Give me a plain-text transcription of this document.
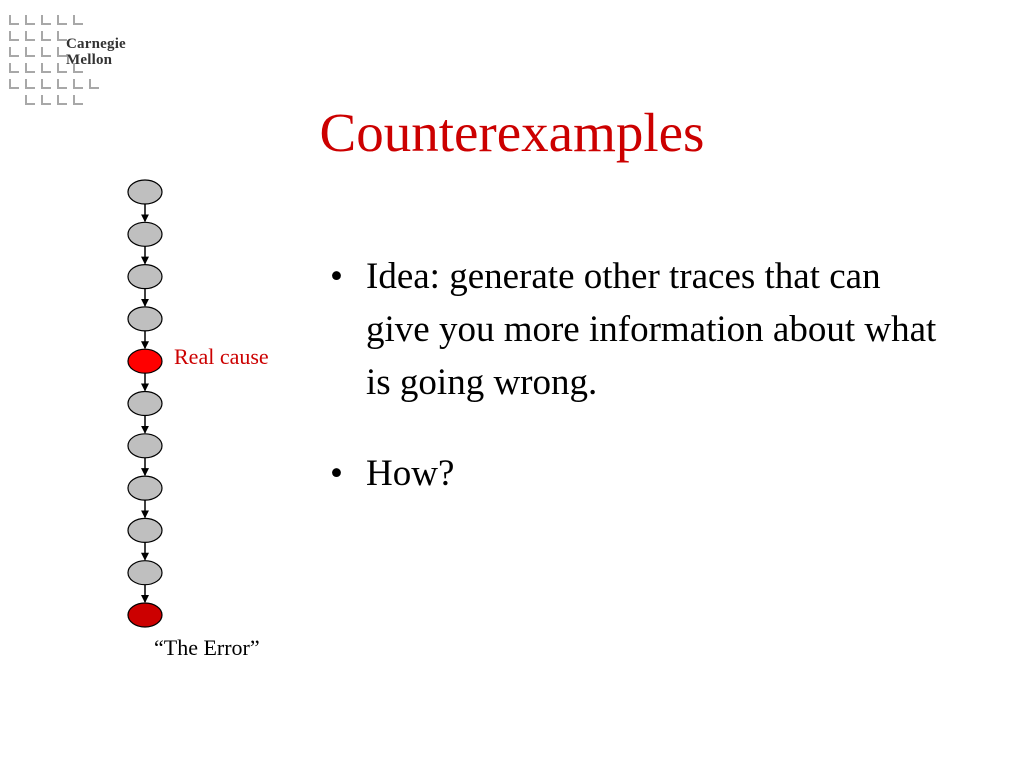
Carnegie
Mellon
Counterexamples
Real cause
“The Error”
• Idea: generate other traces that can give you more information about what is going wrong.
• How?
